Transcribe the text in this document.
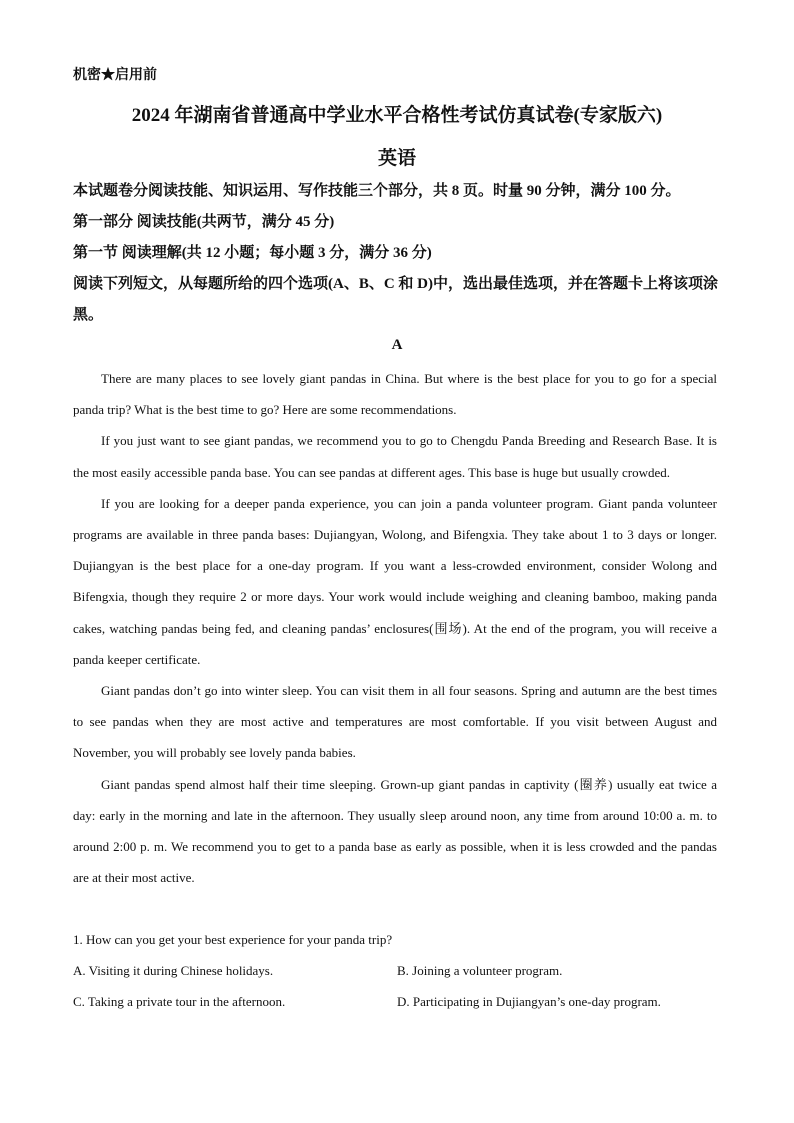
机密★启用前
2024 年湖南省普通高中学业水平合格性考试仿真试卷(专家版六)
英语
本试题卷分阅读技能、知识运用、写作技能三个部分，共 8 页。时量 90 分钟，满分 100 分。
第一部分 阅读技能(共两节，满分 45 分)
第一节 阅读理解(共 12 小题；每小题 3 分，满分 36 分)
阅读下列短文，从每题所给的四个选项(A、B、C 和 D)中，选出最佳选项，并在答题卡上将该项涂黑。
A

There are many places to see lovely giant pandas in China. But where is the best place for you to go for a special panda trip? What is the best time to go? Here are some recommendations.

If you just want to see giant pandas, we recommend you to go to Chengdu Panda Breeding and Research Base. It is the most easily accessible panda base. You can see pandas at different ages. This base is huge but usually crowded.

If you are looking for a deeper panda experience, you can join a panda volunteer program. Giant panda volunteer programs are available in three panda bases: Dujiangyan, Wolong, and Bifengxia. They take about 1 to 3 days or longer. Dujiangyan is the best place for a one-day program. If you want a less-crowded environment, consider Wolong and Bifengxia, though they require 2 or more days. Your work would include weighing and cleaning bamboo, making panda cakes, watching pandas being fed, and cleaning pandas’ enclosures(围场). At the end of the program, you will receive a panda keeper certificate.

Giant pandas don’t go into winter sleep. You can visit them in all four seasons. Spring and autumn are the best times to see pandas when they are most active and temperatures are most comfortable. If you visit between August and November, you will probably see lovely panda babies.

Giant pandas spend almost half their time sleeping. Grown-up giant pandas in captivity (圈养) usually eat twice a day: early in the morning and late in the afternoon. They usually sleep around noon, any time from around 10:00 a. m. to around 2:00 p. m. We recommend you to get to a panda base as early as possible, when it is less crowded and the pandas are at their most active.

1. How can you get your best experience for your panda trip?
A. Visiting it during Chinese holidays.	B. Joining a volunteer program.
C. Taking a private tour in the afternoon.	D. Participating in Dujiangyan’s one-day program.
